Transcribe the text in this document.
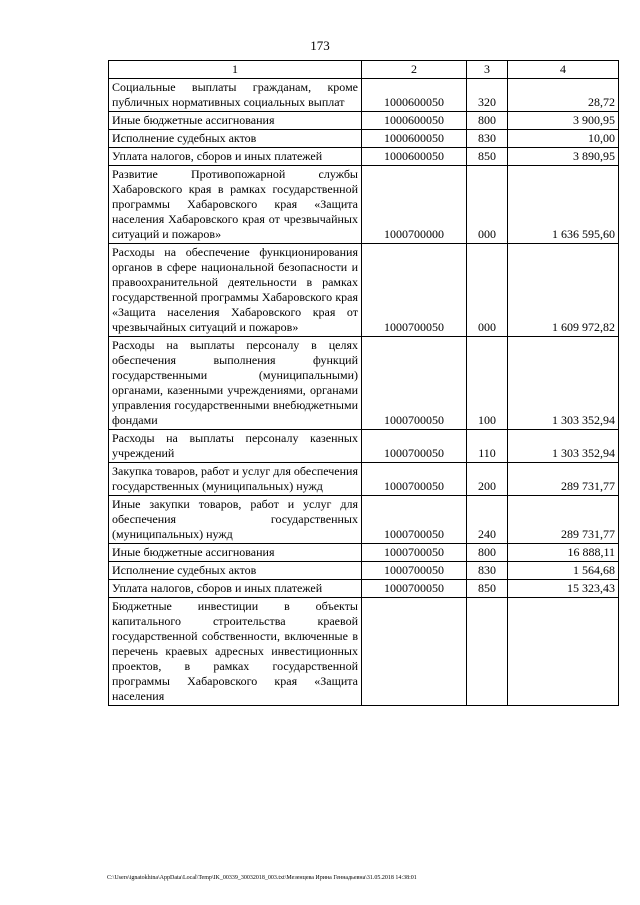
173
1	2	3	4
Социальные выплаты гражданам, кроме публичных нормативных социальных выплат	1000600050	320	28,72
Иные бюджетные ассигнования	1000600050	800	3 900,95
Исполнение судебных актов	1000600050	830	10,00
Уплата налогов, сборов и иных платежей	1000600050	850	3 890,95
Развитие Противопожарной службы Хабаровского края в рамках государственной программы Хабаровского края «Защита населения Хабаровского края от чрезвычайных ситуаций и пожаров»	1000700000	000	1 636 595,60
Расходы на обеспечение функционирования органов в сфере национальной безопасности и правоохранительной деятельности в рамках государственной программы Хабаровского края «Защита населения Хабаровского края от чрезвычайных ситуаций и пожаров»	1000700050	000	1 609 972,82
Расходы на выплаты персоналу в целях обеспечения выполнения функций государственными (муниципальными) органами, казенными учреждениями, органами управления государственными внебюджетными фондами	1000700050	100	1 303 352,94
Расходы на выплаты персоналу казенных учреждений	1000700050	110	1 303 352,94
Закупка товаров, работ и услуг для обеспечения государственных (муниципальных) нужд	1000700050	200	289 731,77
Иные закупки товаров, работ и услуг для обеспечения государственных (муниципальных) нужд	1000700050	240	289 731,77
Иные бюджетные ассигнования	1000700050	800	16 888,11
Исполнение судебных актов	1000700050	830	1 564,68
Уплата налогов, сборов и иных платежей	1000700050	850	15 323,43
Бюджетные инвестиции в объекты капитального строительства краевой государственной собственности, включенные в перечень краевых адресных инвестиционных проектов, в рамках государственной программы Хабаровского края «Защита населения			
C:\Users\ignatokhina\AppData\Local\Temp\IK_00339_30032018_003.txt\Мезенцева Ирина Геннадьевна\31.05.2018 14:38:01
